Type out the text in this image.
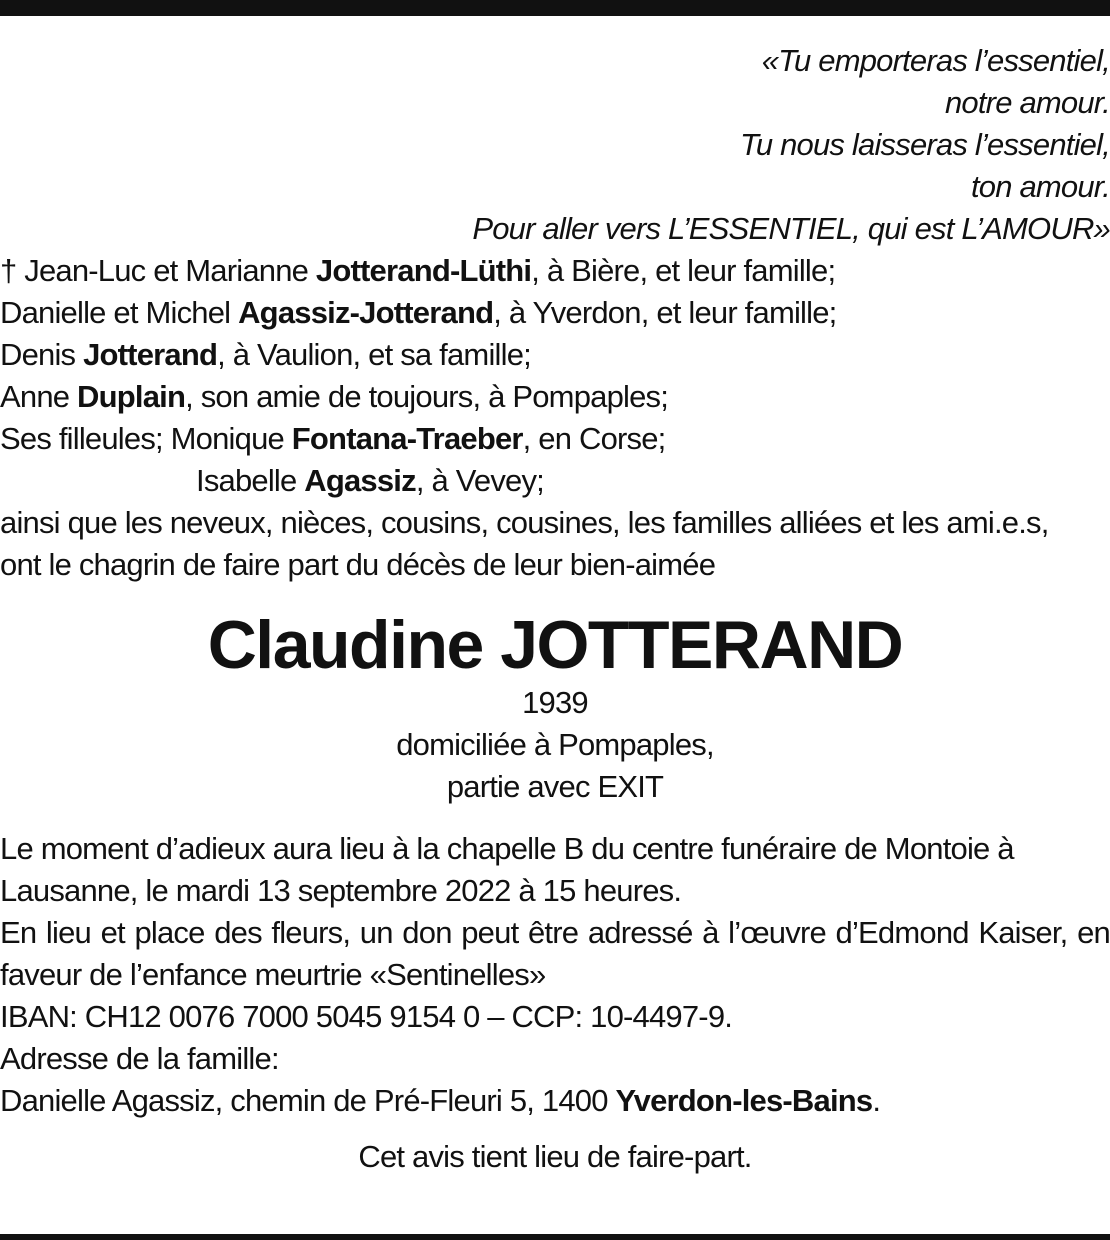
«Tu emporteras l’essentiel,
notre amour.
Tu nous laisseras l’essentiel,
ton amour.
Pour aller vers L’ESSENTIEL, qui est L’AMOUR»
† Jean-Luc et Marianne Jotterand-Lüthi, à Bière, et leur famille;
Danielle et Michel Agassiz-Jotterand, à Yverdon, et leur famille;
Denis Jotterand, à Vaulion, et sa famille;
Anne Duplain, son amie de toujours, à Pompaples;
Ses filleules; Monique Fontana-Traeber, en Corse;
Isabelle Agassiz, à Vevey;
ainsi que les neveux, nièces, cousins, cousines, les familles alliées et les ami.e.s,
ont le chagrin de faire part du décès de leur bien-aimée
Claudine JOTTERAND
1939
domiciliée à Pompaples,
partie avec EXIT
Le moment d’adieux aura lieu à la chapelle B du centre funéraire de Montoie à Lausanne, le mardi 13 septembre 2022 à 15 heures.
En lieu et place des fleurs, un don peut être adressé à l’œuvre d’Edmond Kaiser, en faveur de l’enfance meurtrie «Sentinelles»
IBAN: CH12 0076 7000 5045 9154 0 – CCP: 10-4497-9.
Adresse de la famille:
Danielle Agassiz, chemin de Pré-Fleuri 5, 1400 Yverdon-les-Bains.
Cet avis tient lieu de faire-part.
